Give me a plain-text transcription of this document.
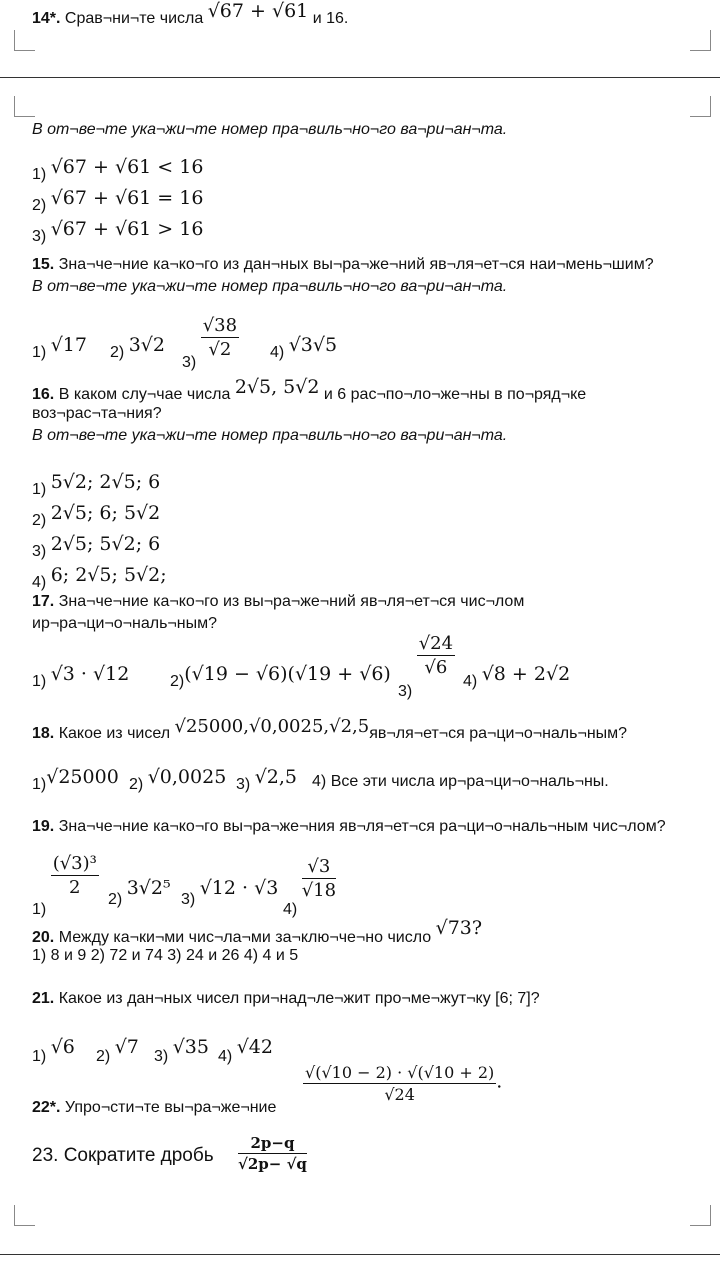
14*. Срав¬ни¬те числа √67 + √61 и 16.
В от¬ве¬те ука¬жи¬те номер пра¬виль¬но¬го ва¬ри¬ан¬та.
1) √67 + √61 < 16
2) √67 + √61 = 16
3) √67 + √61 > 16
15. Зна¬че¬ние ка¬ко¬го из дан¬ных вы¬ра¬же¬ний яв¬ля¬ет¬ся наи¬мень¬шим?
В от¬ве¬те ука¬жи¬те номер пра¬виль¬но¬го ва¬ри¬ан¬та.
1) √17 2) 3√2
3)
$\frac{√38}{√2} 4$) √3√5
16. В каком слу¬чае числа 2√5, 5√2 и 6 рас¬по¬ло¬же¬ны в по¬ряд¬ке
воз¬рас¬та¬ния?
В от¬ве¬те ука¬жи¬те номер пра¬виль¬но¬го ва¬ри¬ан¬та.
1) 5√2; 2√5; 6
2) 2√5; 6; 5√2
3) 2√5; 5√2; 6
4) 6; 2√5; 5√2;
17. Зна¬че¬ние ка¬ко¬го из вы¬ра¬же¬ний яв¬ля¬ет¬ся чис¬лом
ир¬ра¬ци¬о¬наль¬ным?
1) √3 · √12	2)(√19 − √6)(√19 + √6)
3)
$\frac{√24}{√6}$
4) √8 + 2√2
18. Какое из чисел √25000,√0,0025,√2,5яв¬ля¬ет¬ся ра¬ци¬о¬наль¬ным?
1)√25000 2) √0,0025 3) √2,5 4) Все эти числа ир¬ра¬ци¬о¬наль¬ны.
19. Зна¬че¬ние ка¬ко¬го вы¬ра¬же¬ния яв¬ля¬ет¬ся ра¬ци¬о¬наль¬ным чис¬лом?
1)
$\frac{\text{(√3)³}}{2}$
2) 3√2⁵
3) √12 · √3
4)
$\frac{√3}{√18}$
20. Между ка¬ки¬ми чис¬ла¬ми за¬клю¬че¬но число √73?
1) 8 и 9 2) 72 и 74 3) 24 и 26 4) 4 и 5
21. Какое из дан¬ных чисел при¬над¬ле¬жит про¬ме¬жут¬ку [6; 7]?
1) √6 2) √7 3) √35 4) √42
22*. Упро¬сти¬те вы¬ра¬же¬ние
$\frac{√(√10 - 2) \cdot √(√10 + 2)}{√24}$ .
23. Сократите дробь $\frac{2p-q}{√2p- √q}$
